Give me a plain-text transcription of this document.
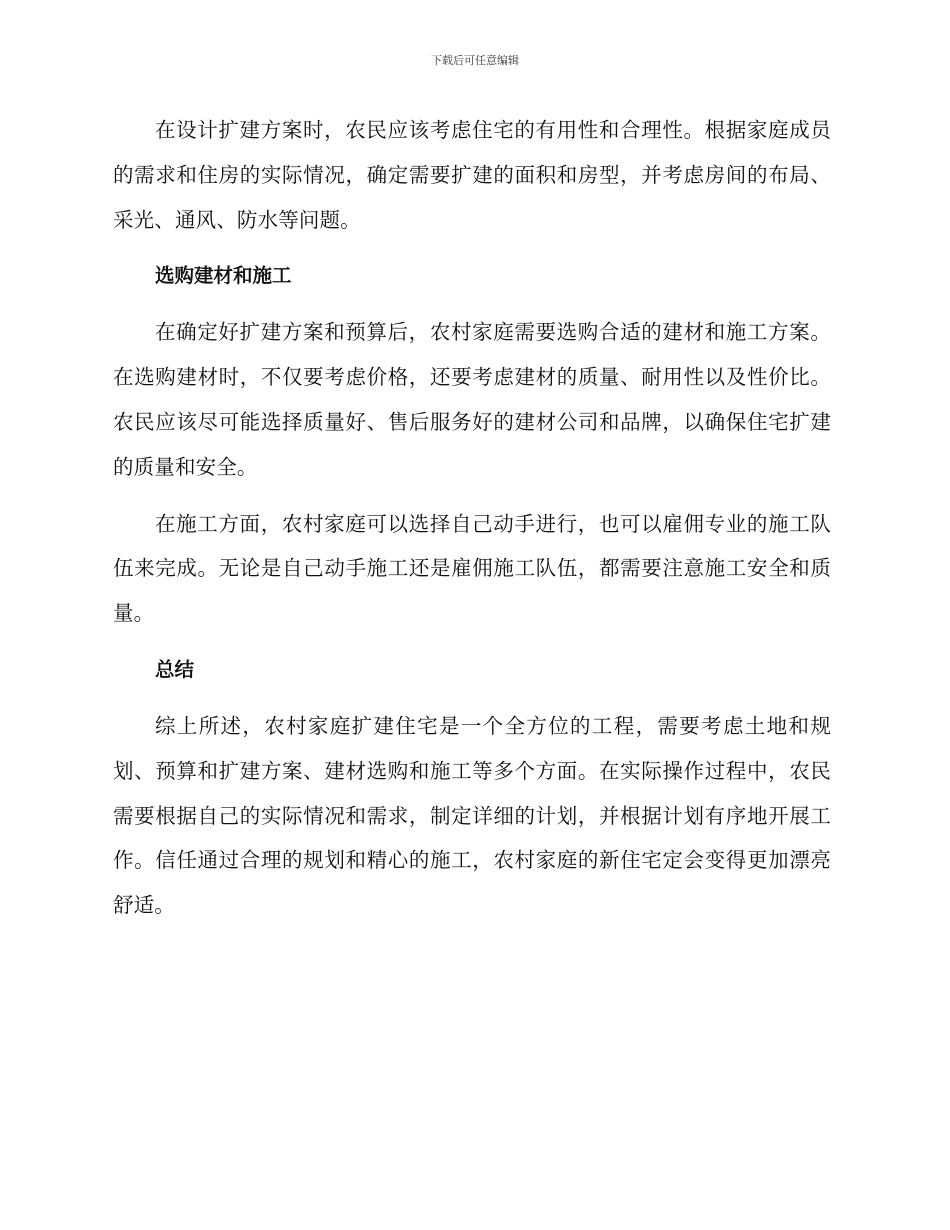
下载后可任意编辑

在设计扩建方案时，农民应该考虑住宅的有用性和合理性。根据家庭成员的需求和住房的实际情况，确定需要扩建的面积和房型，并考虑房间的布局、采光、通风、防水等问题。

选购建材和施工

在确定好扩建方案和预算后，农村家庭需要选购合适的建材和施工方案。在选购建材时，不仅要考虑价格，还要考虑建材的质量、耐用性以及性价比。农民应该尽可能选择质量好、售后服务好的建材公司和品牌，以确保住宅扩建的质量和安全。

在施工方面，农村家庭可以选择自己动手进行，也可以雇佣专业的施工队伍来完成。无论是自己动手施工还是雇佣施工队伍，都需要注意施工安全和质量。

总结

综上所述，农村家庭扩建住宅是一个全方位的工程，需要考虑土地和规划、预算和扩建方案、建材选购和施工等多个方面。在实际操作过程中，农民需要根据自己的实际情况和需求，制定详细的计划，并根据计划有序地开展工作。信任通过合理的规划和精心的施工，农村家庭的新住宅定会变得更加漂亮舒适。
